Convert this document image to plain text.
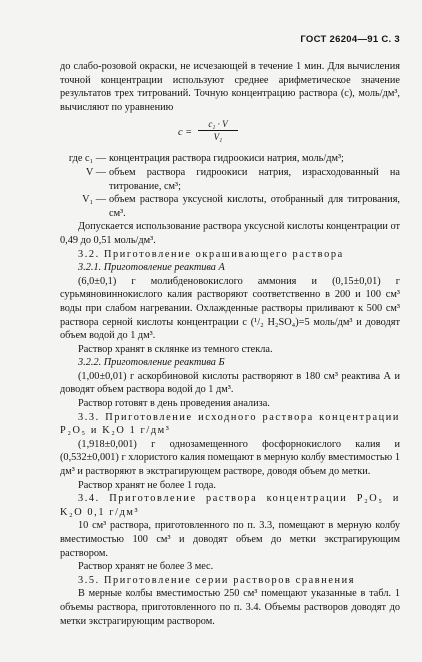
ГОСТ 26204—91 С. 3

до слабо-розовой окраски, не исчезающей в течение 1 мин. Для вычисления точной концентрации используют среднее арифметическое значение результатов трех титрований. Точную концентрацию раствора (c), моль/дм³, вычисляют по уравнению

$c = \frac{\text{c₁ · V}}{\text{V₁}}$
где c₁ — концентрация раствора гидроокиси натрия, моль/дм³;
V — объем раствора гидроокиси натрия, израсходованный на титрование, см³;
V₁ — объем раствора уксусной кислоты, отобранный для титрования, см³.

Допускается использование раствора уксусной кислоты концентрации от 0,49 до 0,51 моль/дм³.

3.2. Приготовление окрашивающего раствора

3.2.1. Приготовление реактива А

(6,0±0,1) г молибденовокислого аммония и (0,15±0,01) г сурьмяновиннокислого калия растворяют соответственно в 200 и 100 см³ воды при слабом нагревании. Охлажденные растворы приливают к 500 см³ раствора серной кислоты концентрации c (¹/₂ H₂SO₄)=5 моль/дм³ и доводят объем водой до 1 дм³.

Раствор хранят в склянке из темного стекла.

3.2.2. Приготовление реактива Б

(1,00±0,01) г аскорбиновой кислоты растворяют в 180 см³ реактива А и доводят объем раствора водой до 1 дм³.

Раствор готовят в день проведения анализа.

3.3. Приготовление исходного раствора концентрации P₂O₅ и K₂O 1 г/дм³

(1,918±0,001) г однозамещенного фосфорнокислого калия и (0,532±0,001) г хлористого калия помещают в мерную колбу вместимостью 1 дм³ и растворяют в экстрагирующем растворе, доводя объем до метки.

Раствор хранят не более 1 года.

3.4. Приготовление раствора концентрации P₂O₅ и K₂O 0,1 г/дм³

10 см³ раствора, приготовленного по п. 3.3, помещают в мерную колбу вместимостью 100 см³ и доводят объем до метки экстрагирующим раствором.

Раствор хранят не более 3 мес.

3.5. Приготовление серии растворов сравнения

В мерные колбы вместимостью 250 см³ помещают указанные в табл. 1 объемы раствора, приготовленного по п. 3.4. Объемы растворов доводят до метки экстрагирующим раствором.
